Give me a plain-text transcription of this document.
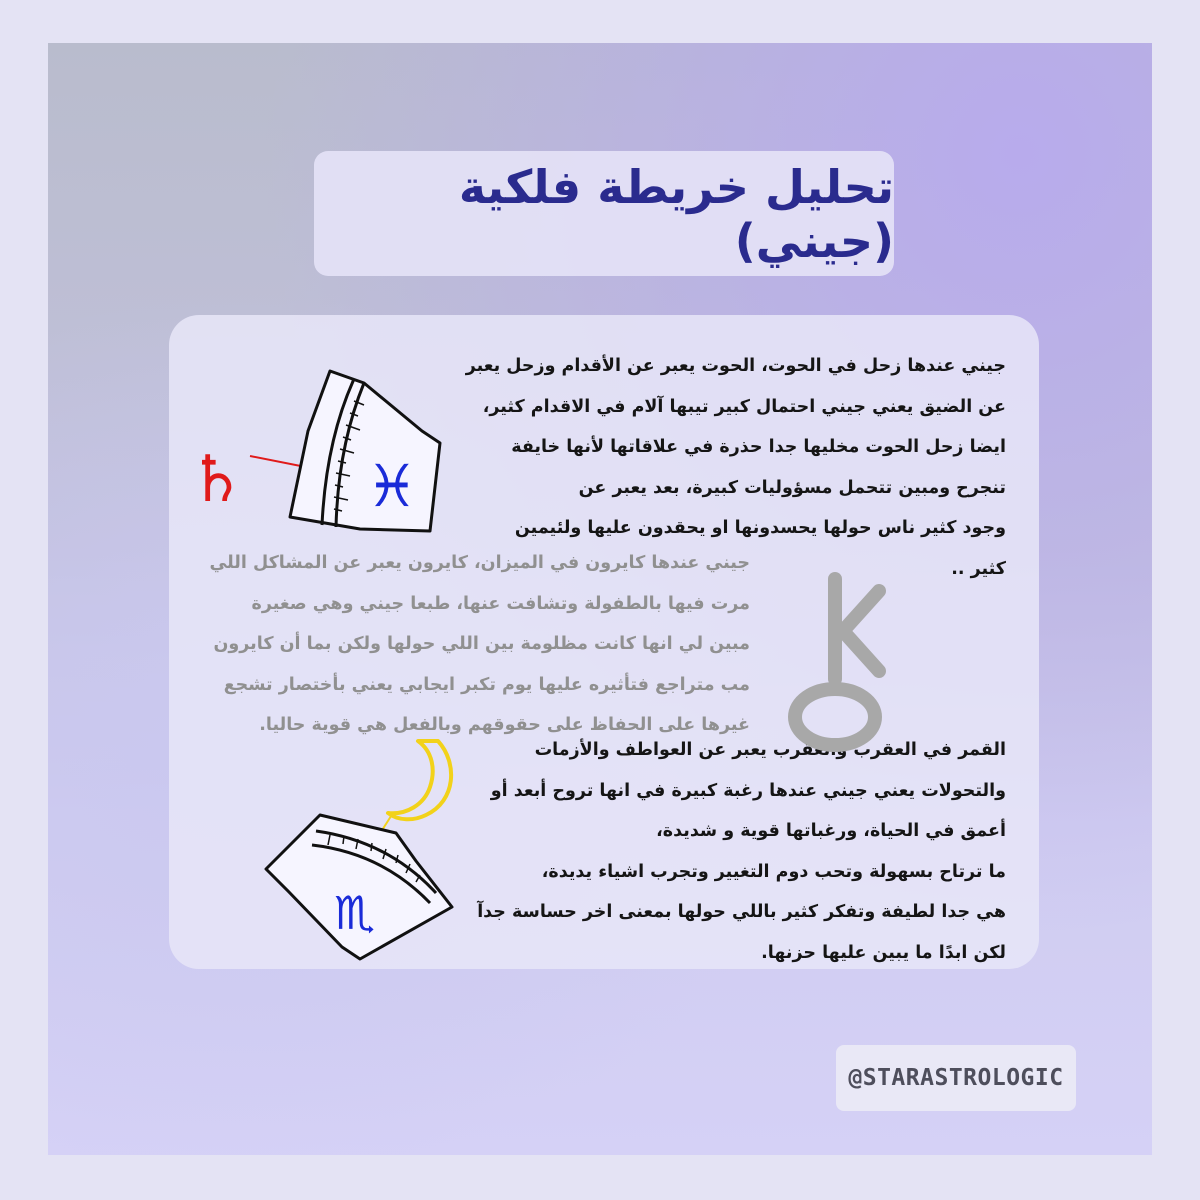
تحليل خريطة فلكية (جيني)
جيني عندها زحل في الحوت، الحوت يعبر عن الأقدام وزحل يعبر
عن الضيق يعني جيني احتمال كبير تيبها آلام في الاقدام كثير،
ايضا زحل الحوت مخليها جدا حذرة في علاقاتها لأنها خايفة
تنجرح ومبين تتحمل مسؤوليات كبيرة، بعد يعبر عن
وجود كثير ناس حولها يحسدونها او يحقدون عليها ولئيمين
كثير ..
جيني عندها كايرون في الميزان، كايرون يعبر عن المشاكل اللي
مرت فيها بالطفولة وتشافت عنها، طبعا جيني وهي صغيرة
مبين لي انها كانت مظلومة بين اللي حولها ولكن بما أن كايرون
مب متراجع فتأثيره عليها يوم تكبر ايجابي يعني بأختصار تشجع
غيرها على الحفاظ على حقوقهم وبالفعل هي قوية حاليا.
القمر في العقرب والعقرب يعبر عن العواطف والأزمات
والتحولات يعني جيني عندها رغبة كبيرة في انها تروح أبعد أو
أعمق في الحياة، ورغباتها قوية و شديدة،
ما ترتاح بسهولة وتحب دوم التغيير وتجرب اشياء يديدة،
هي جدا لطيفة وتفكر كثير باللي حولها بمعنى اخر حساسة جدآ
لكن ابدًا ما يبين عليها حزنها.
♄ ♓
♏
@STARASTROLOGIC
